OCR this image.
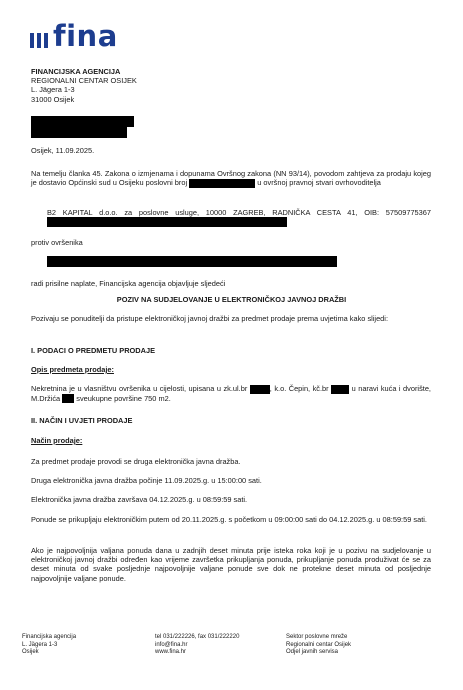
fina
FINANCIJSKA AGENCIJA
REGIONALNI CENTAR OSIJEK
L. Jägera 1-3
31000 Osijek
Osijek, 11.09.2025.
Na temelju članka 45. Zakona o izmjenama i dopunama Ovršnog zakona (NN 93/14), povodom zahtjeva za prodaju kojeg je dostavio Općinski sud u Osijeku poslovni broj	u ovršnoj pravnoj stvari ovrhovoditelja
B2 KAPITAL d.o.o. za poslovne usluge, 10000 ZAGREB, RADNIČKA CESTA 41, OIB: 57509775367
protiv ovršenika
radi prisilne naplate, Financijska agencija objavljuje sljedeći
POZIV NA SUDJELOVANJE U ELEKTRONIČKOJ JAVNOJ DRAŽBI
Pozivaju se ponuditelji da pristupe elektroničkoj javnoj dražbi za predmet prodaje prema uvjetima kako slijedi:
I. PODACI O PREDMETU PRODAJE
Opis predmeta prodaje:
Nekretnina je u vlasništvu ovršenika u cijelosti, upisana u zk.ul.br	, k.o. Čepin, kč.br	u naravi kuća i dvorište, M.Držića sveukupne površine 750 m2.
II. NAČIN I UVJETI PRODAJE
Način prodaje:
Za predmet prodaje provodi se druga elektronička javna dražba.
Druga elektronička javna dražba počinje 11.09.2025.g. u 15:00:00 sati.
Elektronička javna dražba završava 04.12.2025.g. u 08:59:59 sati.
Ponude se prikupljaju elektroničkim putem od 20.11.2025.g. s početkom u 09:00:00 sati do 04.12.2025.g. u 08:59:59 sati.
Ako je najpovoljnija valjana ponuda dana u zadnjih deset minuta prije isteka roka koji je u pozivu na sudjelovanje u elektroničkoj javnoj dražbi određen kao vrijeme završetka prikupljanja ponuda, prikupljanje ponuda produživat će se za deset minuta od svake posljednje najpovoljnije valjane ponude sve dok ne protekne deset minuta od posljednje najpovoljnije valjane ponude.
Financijska agencija
L. Jägera 1-3
Osijek
tel 031/222226, fax 031/222220
info@fina.hr
www.fina.hr
Sektor poslovne mreže
Regionalni centar Osijek
Odjel javnih servisa
